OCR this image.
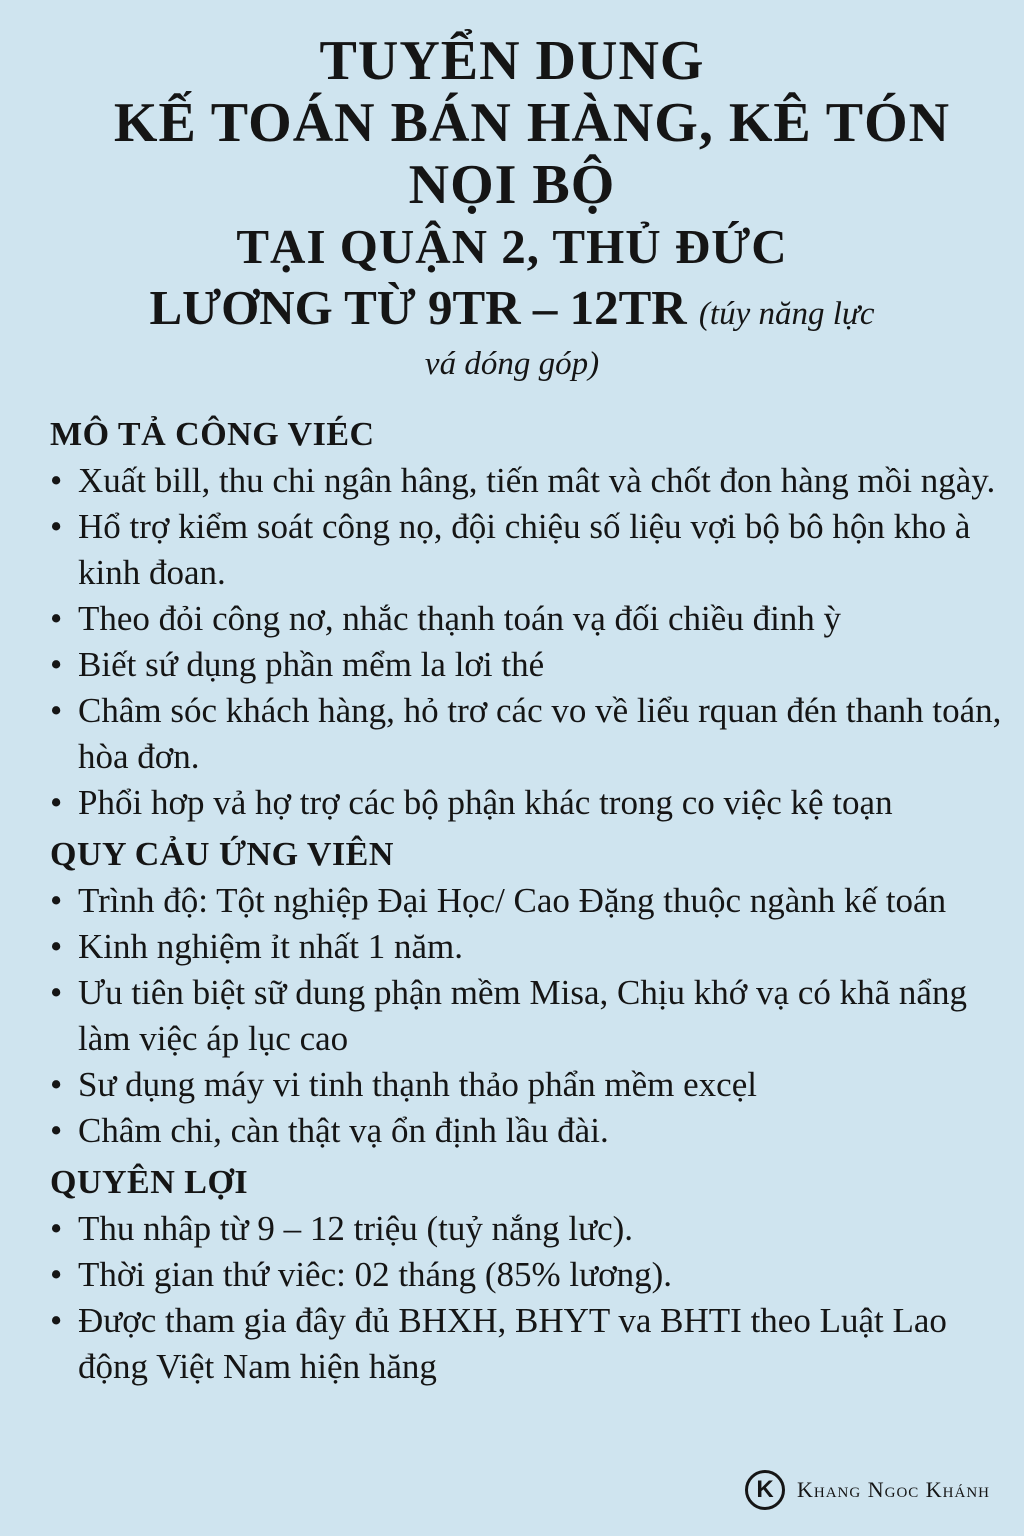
TUYỂN DUNG

KẾ TOÁN BÁN HÀNG, KÊ TÓN

NỌI BỘ

TẠI QUẬN 2, THỦ ĐỨC

LƯƠNG TỪ 9TR – 12TR (túy năng lực

vá dóng góp)

MÔ TẢ CÔNG VIÉC

• Xuất bill, thu chi ngân hâng, tiến mât và chốt đon hàng mồi ngày.
• Hổ trợ kiểm soát công nọ, đội chiệu số liệu vợi bộ bô hộn kho à kinh đoan.
• Theo đỏi công nơ, nhắc thạnh toán vạ đối chiều đinh ỳ
• Biết sứ dụng phần mểm la lơi thé
• Châm sóc khách hàng, hỏ trơ các vo về liểu rquan đén thanh toán, hòa đơn.
• Phổi hơp vả hợ trợ các bộ phận khác trong co việc kệ toạn

QUY CẢU ỨNG VIÊN

• Trình độ: Tột nghiệp Đại Học/ Cao Đặng thuộc ngành kế toán
• Kinh nghiệm ỉt nhất 1 năm.
• Ưu tiên biệt sữ dung phận mềm Misa, Chịu khớ vạ có khã nẩng làm việc áp lục cao
• Sư dụng máy vi tinh thạnh thảo phẩn mềm excẹl
• Châm chi, càn thật vạ ổn định lầu đài.

QUYÊN LỢI

• Thu nhâp từ 9 – 12 triệu (tuỷ nắng lưc).
• Thời gian thứ viêc: 02 tháng (85% lương).
• Được tham gia đây đủ BHXH, BHYT va BHTI theo Luật Lao động Việt Nam hiện hăng
K	Khang Ngoc Khánh
